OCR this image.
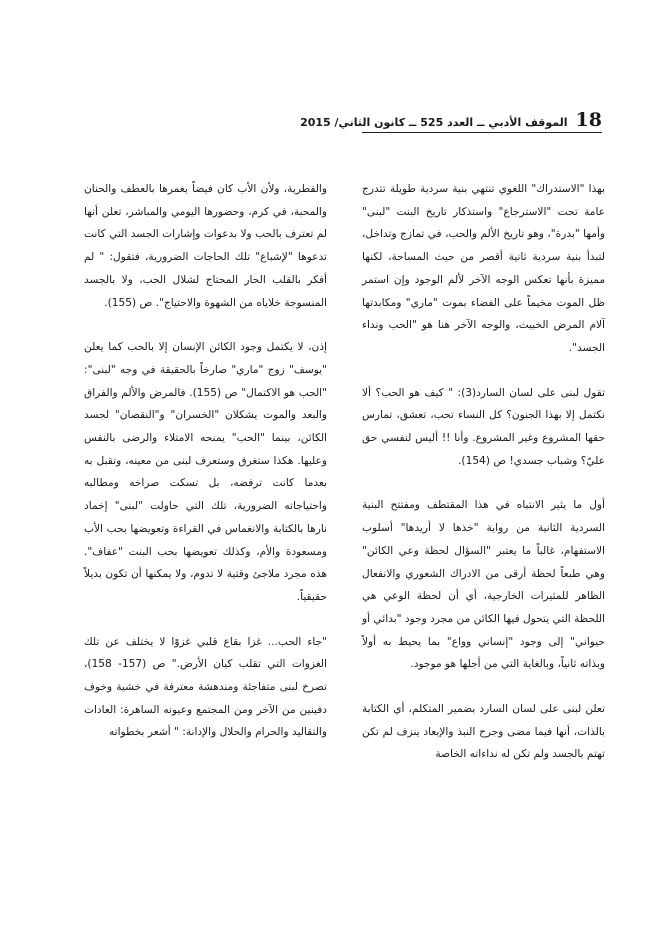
18
الموقف الأدبي ــ العدد 525 ــ كانون الثاني/ 2015

بهذا "الاستدراك" اللغوي تنتهي بنية سردية طويلة تتدرج عامة تحت "الاسترجاع" واستذكار تاريخ البنت "لبنى" وأمها "بدرة"، وهو تاريخ الألم والحب، في تمازج وتداخل، لتبدأ بنية سردية ثانية أقصر من حيث المساحة، لكنها مميزة بأنها تعكس الوجه الآخر لألم الوجود وإن استمر ظل الموت مخيماً على الفضاء بموت "ماري" ومكابدتها آلام المرض الخبيث، والوجه الآخر هنا هو "الحب ونداء الجسد".

تقول لبنى على لسان السارد(3): " كيف هو الحب؟ ألا نكتمل إلا بهذا الجنون؟ كل النساء تحب، تعشق، تمارس حقها المشروع وغير المشروع. وأنا !! أليس لنفسي حق عليّ؟ وشباب جسدي! ص (154).

أول ما يثير الانتباه في هذا المقتطف ومفتتح البنية السردية الثانية من رواية "خذها لا أريدها" أسلوب الاستفهام، غالباً ما يعتبر "السؤال لحظة وعي الكائن" وهي طبعاً لحظة أرقى من الادراك الشعوري والانفعال الظاهر للمثيرات الخارجية، أي أن لحظة الوعي هي اللحظة التي يتحول فيها الكائن من مجرد وجود "بدائي أو حيواني" إلى وجود "إنساني وواع" بما يحيط به أولاً وبذاته ثانياً، وبالغاية التي من أجلها هو موجود.

تعلن لبنى على لسان السارد بضمير المتكلم، أي الكتابة بالذات، أنها فيما مضى وجرح النبذ والإبعاد ينزف لم تكن تهتم بالجسد ولم تكن له نداءاته الخاصة

والفطرية، ولأن الأب كان فيضاً يغمرها بالعطف والحنان والمحبة، في كرم، وحضورها اليومي والمباشر، تعلن أنها لم تعترف بالحب ولا بدعوات وإشارات الجسد التي كانت تدعوها "لإشباع" تلك الحاجات الضرورية، فتقول: " لم أفكر بالقلب الحار المحتاج لشلال الحب، ولا بالجسد المنسوجة خلاياه من الشهوة والاحتياج". ص (155).

إذن، لا يكتمل وجود الكائن الإنسان إلا بالحب كما يعلن "يوسف" زوج "ماري" صارخاً بالحقيقة في وجه "لبنى": "الحب هو الاكتمال" ص (155). فالمرض والألم والفراق والبعد والموت يشكلان "الخسران" و"النقصان" لجسد الكائن، بينما "الحب" يمنحه الامتلاء والرضى بالنفس وعليها. هكذا ستغرق وستعرف لبنى من معينه، وتقبل به بعدما كانت ترفضه، بل تسكت صراخه ومطالبه واحتياجاته الضرورية، تلك التي حاولت "لبنى" إخماد نارها بالكتابة والانغماس في القراءة وتعويضها بحب الأب ومسعودة والأم، وكذلك تعويضها بحب البنت "عفاف". هذه مجرد ملاجئ وقتية لا تدوم، ولا يمكنها أن تكون بديلاً حقيقياً.

"جاء الحب... غزا بقاع قلبي غزوًا لا يختلف عن تلك الغزوات التي تقلب كيان الأرض." ص (157- 158)، تصرخ لبنى متفاجئة ومندهشة معترفة في خشية وخوف دفينين من الآخر ومن المجتمع وعيونه الساهرة: العادات والتقاليد والحرام والحلال والإدانة: " أشعر بخطواته
